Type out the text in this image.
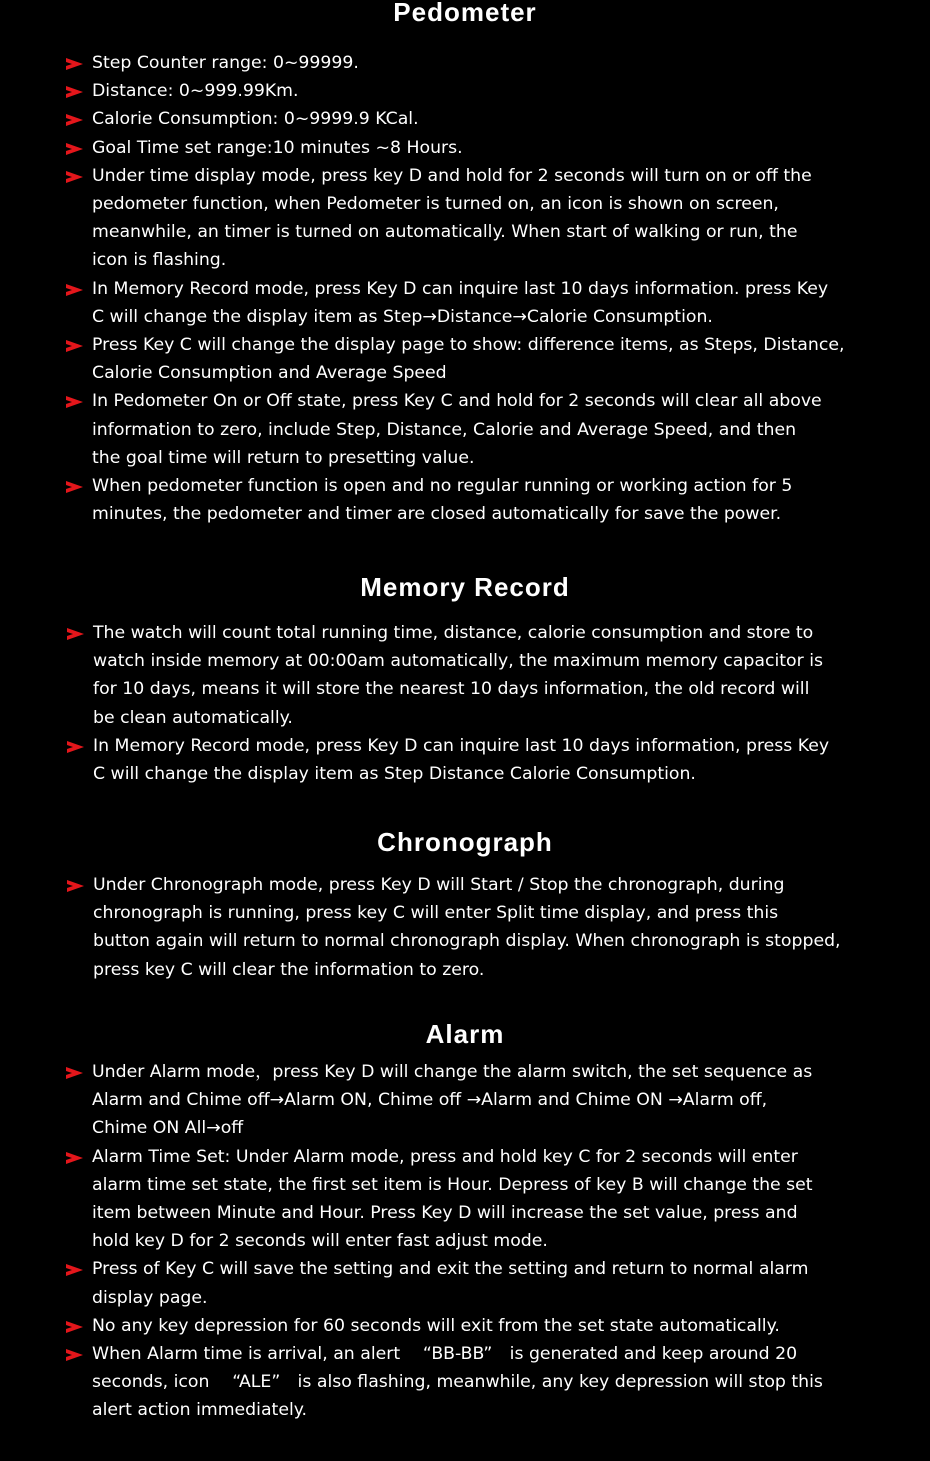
Pedometer
Step Counter range: 0~99999.
Distance: 0~999.99Km.
Calorie Consumption: 0~9999.9 KCal.
Goal Time set range:10 minutes ~8 Hours.
Under time display mode, press key D and hold for 2 seconds will turn on or off the
pedometer function, when Pedometer is turned on, an icon is shown on screen,
meanwhile, an timer is turned on automatically. When start of walking or run, the
icon is flashing.
In Memory Record mode, press Key D can inquire last 10 days information. press Key
C will change the display item as Step→Distance→Calorie Consumption.
Press Key C will change the display page to show: difference items, as Steps, Distance,
Calorie Consumption and Average Speed
In Pedometer On or Off state, press Key C and hold for 2 seconds will clear all above
information to zero, include Step, Distance, Calorie and Average Speed, and then
the goal time will return to presetting value.
When pedometer function is open and no regular running or working action for 5
minutes, the pedometer and timer are closed automatically for save the power.
Memory Record
The watch will count total running time, distance, calorie consumption and store to
watch inside memory at 00:00am automatically, the maximum memory capacitor is
for 10 days, means it will store the nearest 10 days information, the old record will
be clean automatically.
In Memory Record mode, press Key D can inquire last 10 days information, press Key
C will change the display item as Step Distance Calorie Consumption.
Chronograph
Under Chronograph mode, press Key D will Start / Stop the chronograph, during
chronograph is running, press key C will enter Split time display, and press this
button again will return to normal chronograph display. When chronograph is stopped,
press key C will clear the information to zero.
Alarm
Under Alarm mode，press Key D will change the alarm switch, the set sequence as
Alarm and Chime off→Alarm ON, Chime off →Alarm and Chime ON →Alarm off,
Chime ON All→off
Alarm Time Set: Under Alarm mode, press and hold key C for 2 seconds will enter
alarm time set state, the first set item is Hour. Depress of key B will change the set
item between Minute and Hour. Press Key D will increase the set value, press and
hold key D for 2 seconds will enter fast adjust mode.
Press of Key C will save the setting and exit the setting and return to normal alarm
display page.
No any key depression for 60 seconds will exit from the set state automatically.
When Alarm time is arrival, an alert 　“BB-BB”　is generated and keep around 20
seconds, icon 　“ALE”　is also flashing, meanwhile, any key depression will stop this
alert action immediately.
